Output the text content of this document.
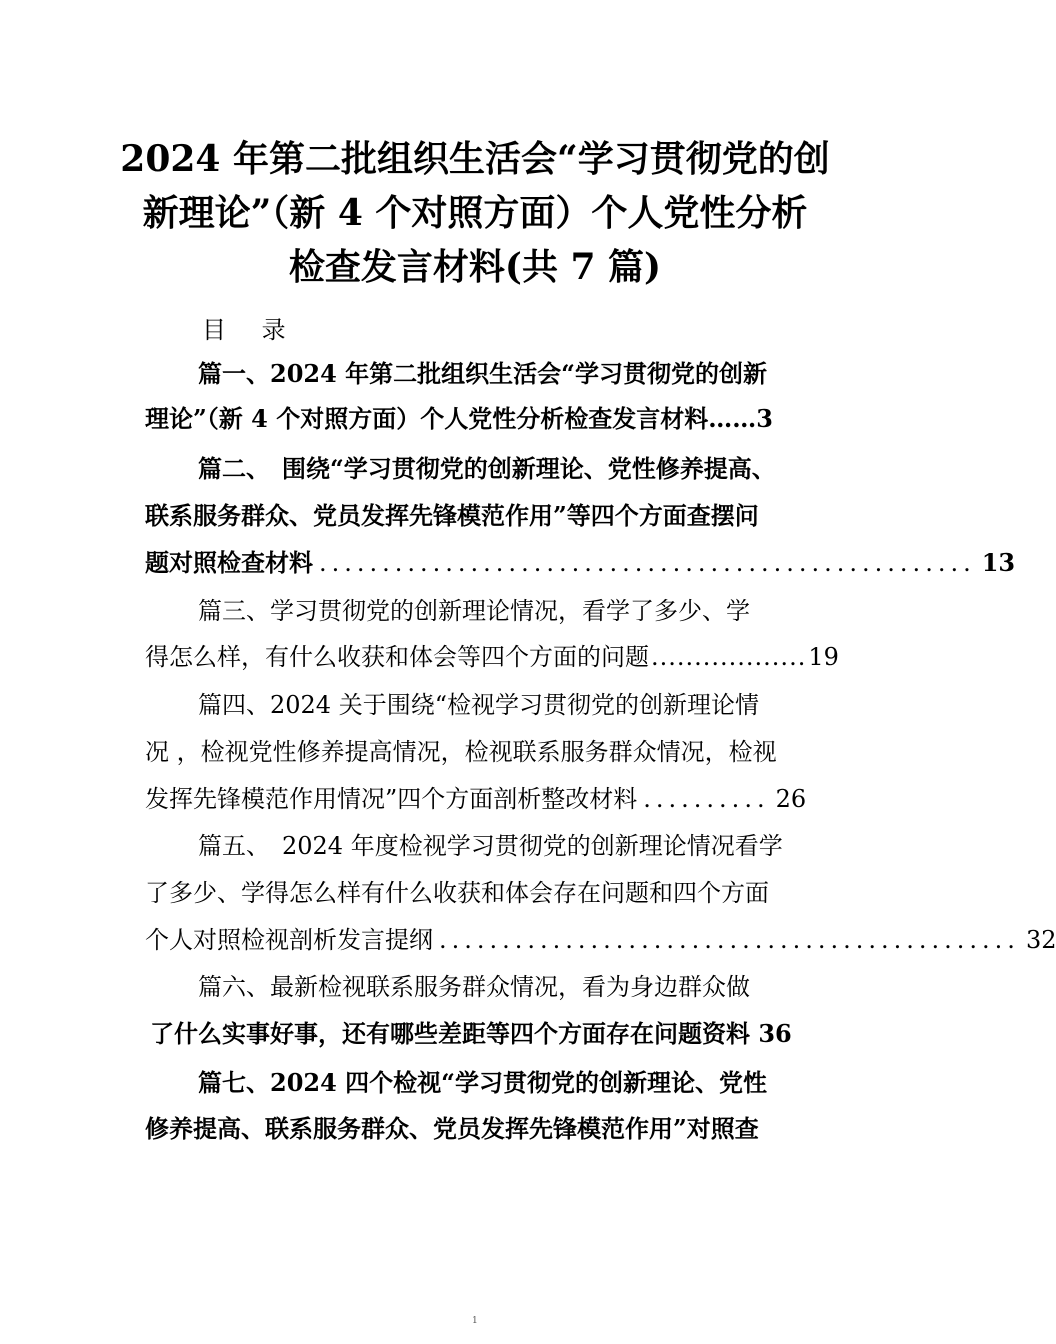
2024 年第二批组织生活会“学习贯彻党的创
新理论”（新 4 个对照方面）个人党性分析
检查发言材料(共 7 篇)
目 录
篇一、2024 年第二批组织生活会“学习贯彻党的创新
理论”（新 4 个对照方面）个人党性分析检查发言材料……3
篇二、　围绕“学习贯彻党的创新理论、党性修养提高、
联系服务群众、党员发挥先锋模范作用”等四个方面查摆问
题对照检查材料 .................................................... 13
篇三、学习贯彻党的创新理论情况，看学了多少、学
得怎么样，有什么收获和体会等四个方面的问题 .................. 19
篇四、2024 关于围绕“检视学习贯彻党的创新理论情
况 ，检视党性修养提高情况，检视联系服务群众情况，检视
发挥先锋模范作用情况”四个方面剖析整改材料 .......... 26
篇五、　2024 年度检视学习贯彻党的创新理论情况看学
了多少、学得怎么样有什么收获和体会存在问题和四个方面
个人对照检视剖析发言提纲 .............................................. 32
篇六、最新检视联系服务群众情况，看为身边群众做
了什么实事好事，还有哪些差距等四个方面存在问题资料 36
篇七、2024 四个检视“学习贯彻党的创新理论、党性
修养提高、联系服务群众、党员发挥先锋模范作用”对照查
1
